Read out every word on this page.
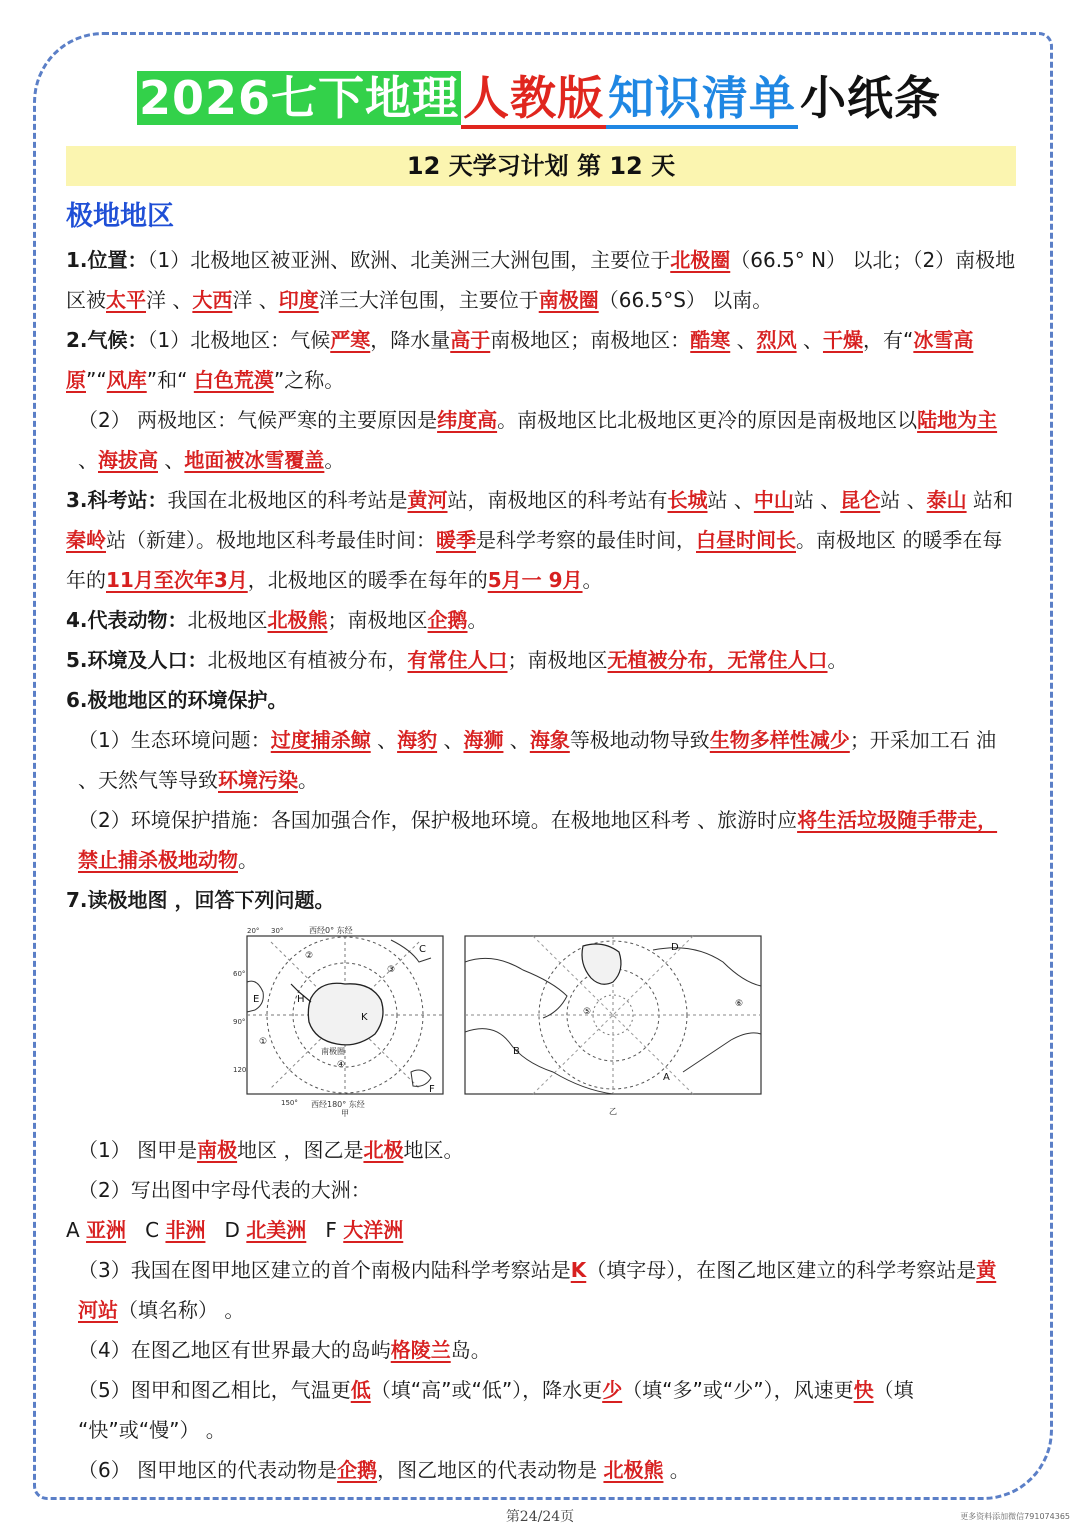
2026七下地理人教版知识清单小纸条
12 天学习计划 第 12 天
极地地区

1.位置：（1）北极地区被亚洲、欧洲、北美洲三大洲包围，主要位于北极圈（66.5° N） 以北；（2）南极地区被太平洋 、大西洋 、印度洋三大洋包围，主要位于南极圈（66.5°S） 以南。

2.气候：（1）北极地区：气候严寒，降水量高于南极地区；南极地区：酷寒 、烈风 、干燥，有“冰雪高原”“风库”和“ 白色荒漠”之称。

（2） 两极地区：气候严寒的主要原因是纬度高。南极地区比北极地区更冷的原因是南极地区以陆地为主 、海拔高 、地面被冰雪覆盖。

3.科考站：我国在北极地区的科考站是黄河站，南极地区的科考站有长城站 、中山站 、昆仑站 、泰山 站和秦岭站（新建）。极地地区科考最佳时间：暖季是科学考察的最佳时间，白昼时间长。南极地区 的暖季在每年的11月至次年3月，北极地区的暖季在每年的5月一 9月。

4.代表动物：北极地区北极熊；南极地区企鹅。

5.环境及人口：北极地区有植被分布，有常住人口；南极地区无植被分布，无常住人口。

6.极地地区的环境保护。

（1）生态环境问题：过度捕杀鲸 、海豹 、海狮 、海象等极地动物导致生物多样性减少；开采加工石 油 、天然气等导致环境污染。

（2）环境保护措施：各国加强合作，保护极地环境。在极地地区科考 、旅游时应将生活垃圾随手带走，禁止捕杀极地动物。

7.读极地图 ，回答下列问题。

西经0° 东经
西经180° 东经
20° 30°
60°
90°
120
150°
E	H
K
C
F
①
②
③
④
南极圈
甲
D
B
A
⑤
⑥
乙

（1） 图甲是南极地区 ，图乙是北极地区。

（2）写出图中字母代表的大洲：

A 亚洲 C 非洲 D 北美洲 F 大洋洲

（3）我国在图甲地区建立的首个南极内陆科学考察站是K（填字母），在图乙地区建立的科学考察站是黄河站（填名称） 。

（4）在图乙地区有世界最大的岛屿格陵兰岛。

（5）图甲和图乙相比，气温更低（填“高”或“低”），降水更少（填“多”或“少”），风速更快（填 “快”或“慢”） 。

（6） 图甲地区的代表动物是企鹅，图乙地区的代表动物是 北极熊 。

第24/24页	更多资料添加微信791074365
